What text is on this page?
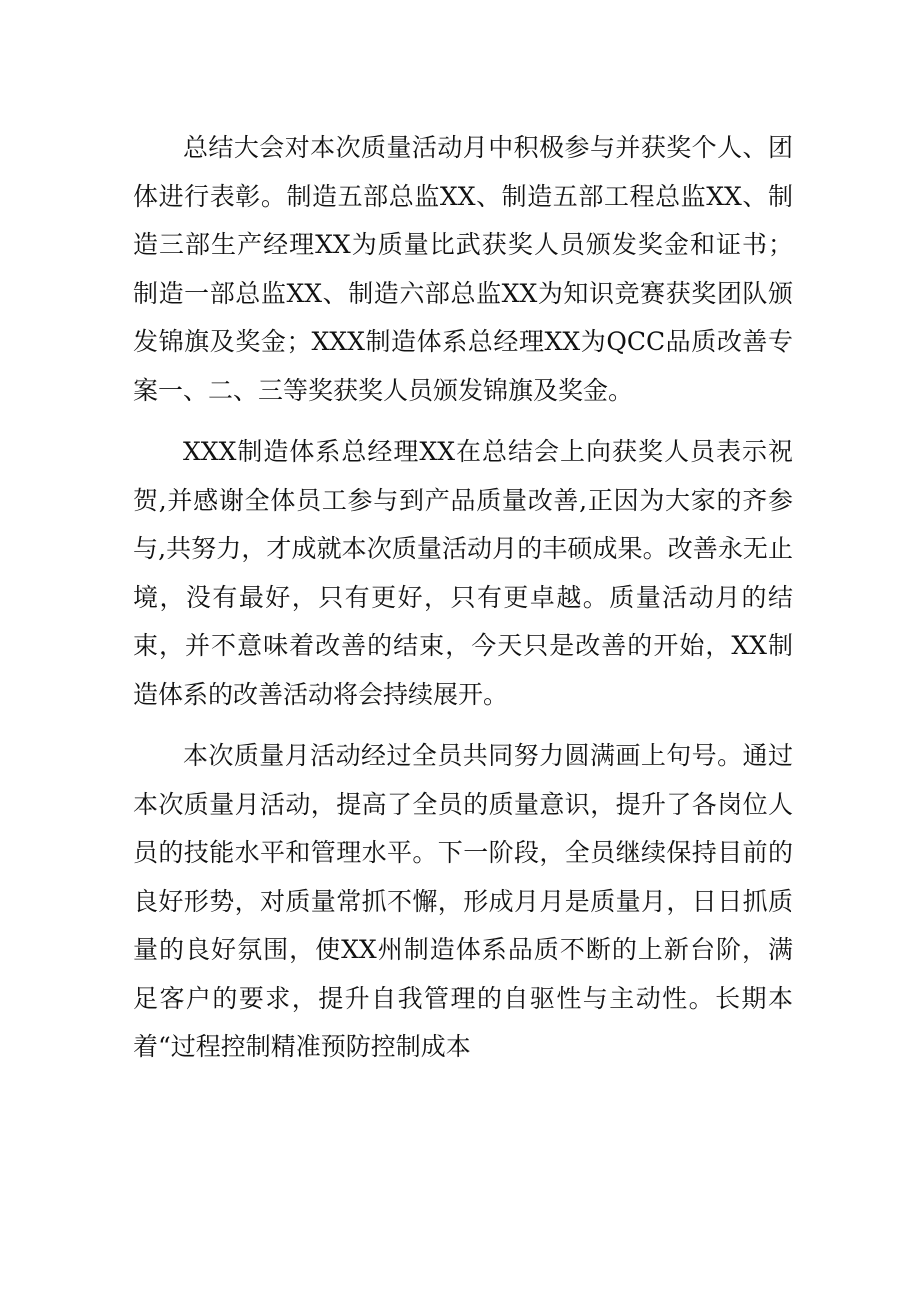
总结大会对本次质量活动月中积极参与并获奖个人、团体进行表彰。制造五部总监XX、制造五部工程总监XX、制造三部生产经理XX为质量比武获奖人员颁发奖金和证书；制造一部总监XX、制造六部总监XX为知识竞赛获奖团队颁发锦旗及奖金；XXX制造体系总经理XX为QCC品质改善专案一、二、三等奖获奖人员颁发锦旗及奖金。

XXX制造体系总经理XX在总结会上向获奖人员表示祝贺,并感谢全体员工参与到产品质量改善,正因为大家的齐参与,共努力，才成就本次质量活动月的丰硕成果。改善永无止境，没有最好，只有更好，只有更卓越。质量活动月的结束，并不意味着改善的结束，今天只是改善的开始，XX制造体系的改善活动将会持续展开。

本次质量月活动经过全员共同努力圆满画上句号。通过本次质量月活动，提高了全员的质量意识，提升了各岗位人员的技能水平和管理水平。下一阶段，全员继续保持目前的良好形势，对质量常抓不懈，形成月月是质量月，日日抓质量的良好氛围，使XX州制造体系品质不断的上新台阶，满足客户的要求，提升自我管理的自驱性与主动性。长期本着“过程控制精准预防控制成本
